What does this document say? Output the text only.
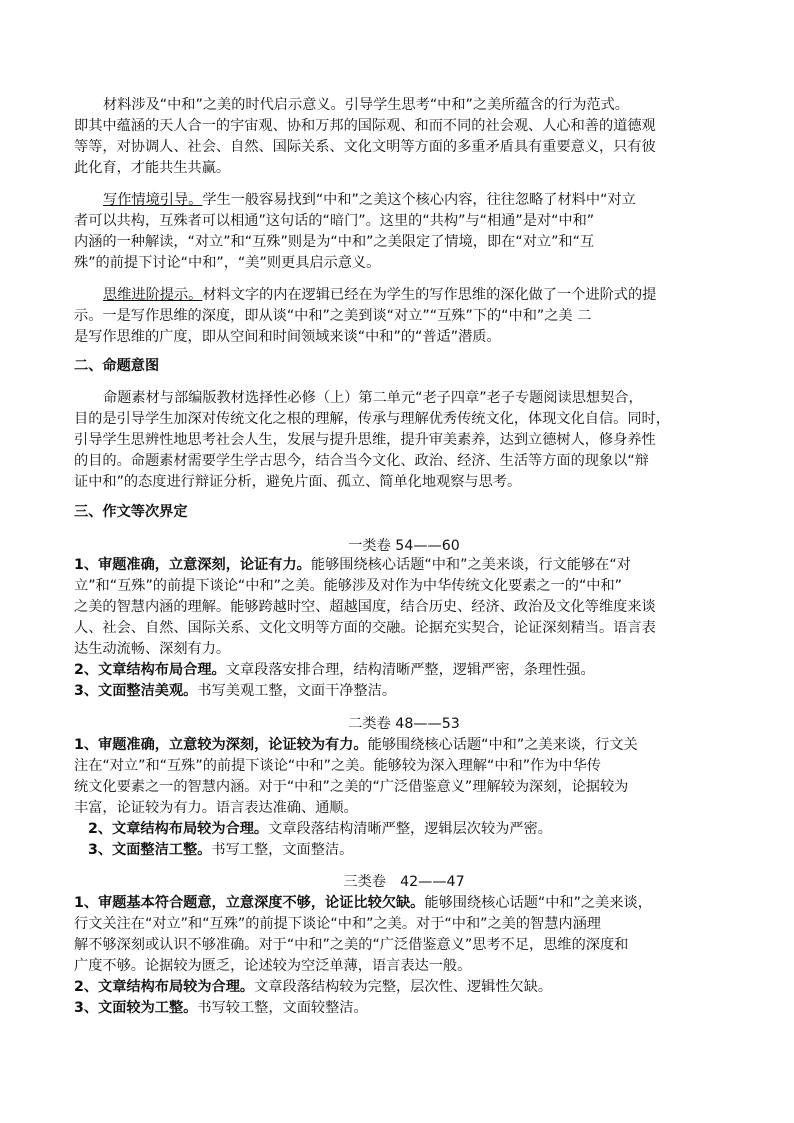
材料涉及“中和”之美的时代启示意义。引导学生思考“中和”之美所蕴含的行为范式。
即其中蕴涵的天人合一的宇宙观、协和万邦的国际观、和而不同的社会观、人心和善的道德观
等等，对协调人、社会、自然、国际关系、文化文明等方面的多重矛盾具有重要意义，只有彼
此化育，才能共生共赢。
写作情境引导。学生一般容易找到“中和”之美这个核心内容，往往忽略了材料中“对立
者可以共构，互殊者可以相通”这句话的“暗门”。这里的“共构”与“相通”是对“中和”
内涵的一种解读，“对立”和“互殊”则是为“中和”之美限定了情境，即在“对立”和“互
殊”的前提下讨论“中和”，“美”则更具启示意义。
思维进阶提示。材料文字的内在逻辑已经在为学生的写作思维的深化做了一个进阶式的提
示。一是写作思维的深度，即从谈“中和”之美到谈“对立”“互殊”下的“中和”之美 二
是写作思维的广度，即从空间和时间领域来谈“中和”的“普适”潜质。
二、命题意图
命题素材与部编版教材选择性必修（上）第二单元“老子四章”老子专题阅读思想契合，
目的是引导学生加深对传统文化之根的理解，传承与理解优秀传统文化，体现文化自信。同时，
引导学生思辨性地思考社会人生，发展与提升思维，提升审美素养，达到立德树人，修身养性
的目的。命题素材需要学生学古思今，结合当今文化、政治、经济、生活等方面的现象以“辩
证中和”的态度进行辩证分析，避免片面、孤立、简单化地观察与思考。
三、作文等次界定
一类卷 54——60
1、审题准确，立意深刻，论证有力。能够围绕核心话题“中和”之美来谈，行文能够在“对
立”和“互殊”的前提下谈论“中和”之美。能够涉及对作为中华传统文化要素之一的“中和”
之美的智慧内涵的理解。能够跨越时空、超越国度，结合历史、经济、政治及文化等维度来谈
人、社会、自然、国际关系、文化文明等方面的交融。论据充实契合，论证深刻精当。语言表
达生动流畅、深刻有力。
2、文章结构布局合理。文章段落安排合理，结构清晰严整，逻辑严密，条理性强。
3、文面整洁美观。书写美观工整，文面干净整洁。
二类卷 48——53
1、审题准确，立意较为深刻，论证较为有力。能够围绕核心话题“中和”之美来谈，行文关
注在“对立”和“互殊”的前提下谈论“中和”之美。能够较为深入理解“中和”作为中华传
统文化要素之一的智慧内涵。对于“中和”之美的“广泛借鉴意义”理解较为深刻，论据较为
丰富，论证较为有力。语言表达准确、通顺。
2、文章结构布局较为合理。文章段落结构清晰严整，逻辑层次较为严密。
3、文面整洁工整。书写工整，文面整洁。
三类卷　42——47
1、审题基本符合题意，立意深度不够，论证比较欠缺。能够围绕核心话题“中和”之美来谈，
行文关注在“对立”和“互殊”的前提下谈论“中和”之美。对于“中和”之美的智慧内涵理
解不够深刻或认识不够准确。对于“中和”之美的“广泛借鉴意义”思考不足，思维的深度和
广度不够。论据较为匮乏，论述较为空泛单薄，语言表达一般。
2、文章结构布局较为合理。文章段落结构较为完整，层次性、逻辑性欠缺。
3、文面较为工整。书写较工整，文面较整洁。
